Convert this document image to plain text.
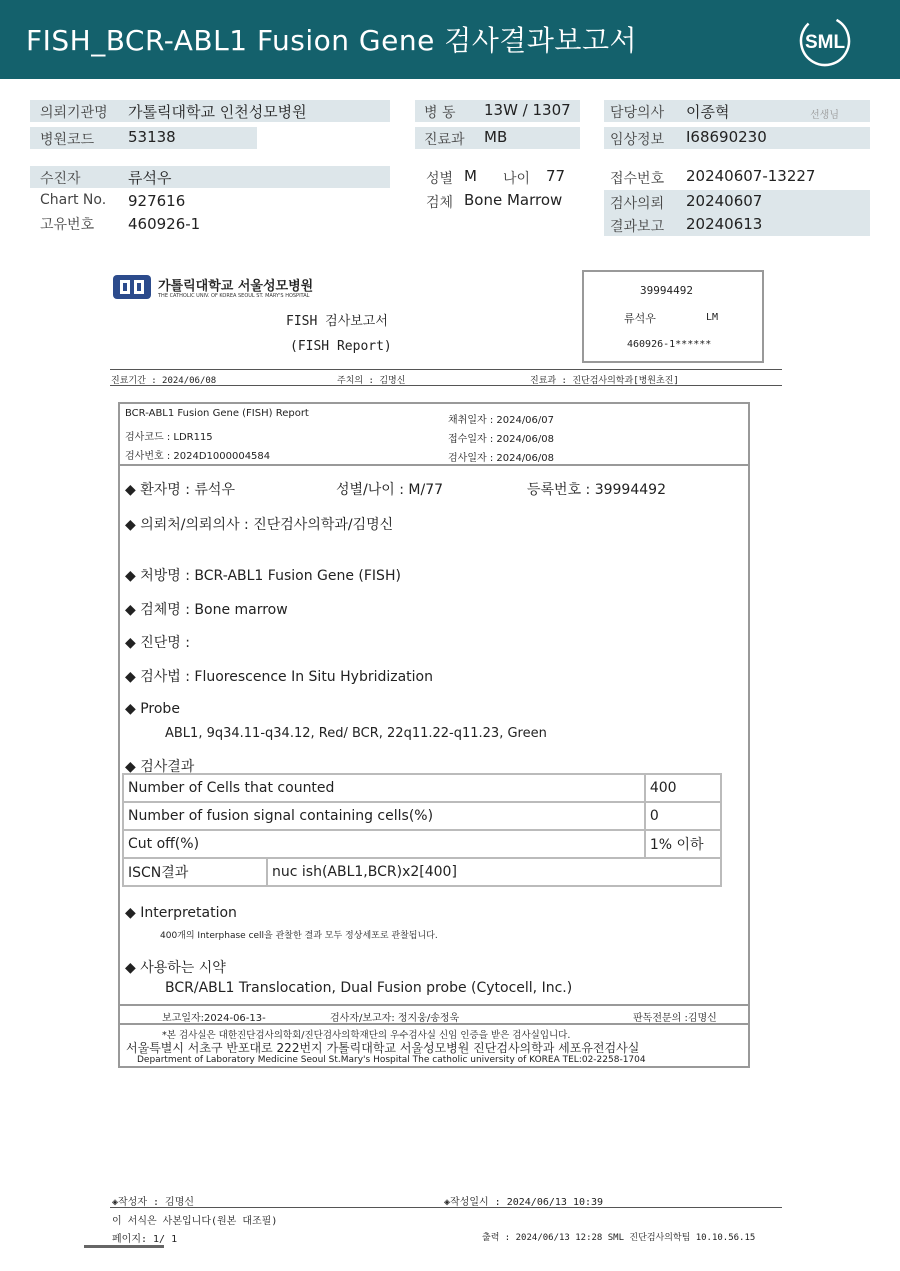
FISH_BCR-ABL1 Fusion Gene 검사결과보고서	SML
의뢰기관명 가톨릭대학교 인천성모병원	병 동 13W / 1307	담당의사 이종혁	선생님
병원코드 53138	진료과 MB	임상정보 I68690230
수진자	류석우	성별 M 나이 77	접수번호 20240607-13227
Chart No. 927616	검체 Bone Marrow	검사의뢰 20240607
고유번호 460926-1	결과보고 20240613
가톨릭대학교 서울성모병원
THE CATHOLIC UNIV. OF KOREA SEOUL ST. MARY'S HOSPITAL
FISH 검사보고서
(FISH Report)
39994492
류석우	LM
460926-1******
진료기간 : 2024/06/08	주치의 : 김명신	진료과 : 진단검사의학과[병원초진]
BCR-ABL1 Fusion Gene (FISH) Report
검사코드 : LDR115
검사번호 : 2024D1000004584
채취일자 : 2024/06/07
접수일자 : 2024/06/08
검사일자 : 2024/06/08
◆ 환자명 : 류석우	성별/나이 : M/77	등록번호 : 39994492
◆ 의뢰처/의뢰의사 : 진단검사의학과/김명신
◆ 처방명 : BCR-ABL1 Fusion Gene (FISH)
◆ 검체명 : Bone marrow
◆ 진단명 :
◆ 검사법 : Fluorescence In Situ Hybridization
◆ Probe
ABL1, 9q34.11-q34.12, Red/ BCR, 22q11.22-q11.23, Green
◆ 검사결과
Number of Cells that counted		400
Number of fusion signal containing cells(%)		0
Cut off(%)		1% 이하
ISCN결과	nuc ish(ABL1,BCR)x2[400]	
◆ Interpretation
400개의 Interphase cell을 관찰한 결과 모두 정상세포로 관찰됩니다.
◆ 사용하는 시약
BCR/ABL1 Translocation, Dual Fusion probe (Cytocell, Inc.)
보고일자:2024-06-13-	검사자/보고자: 정지웅/송정욱	판독전문의 :김명신
*본 검사실은 대한진단검사의학회/진단검사의학재단의 우수검사실 신임 인증을 받은 검사실입니다.
서울특별시 서초구 반포대로 222번지 가톨릭대학교 서울성모병원 진단검사의학과 세포유전검사실
Department of Laboratory Medicine Seoul St.Mary's Hospital The catholic university of KOREA TEL:02-2258-1704
◈작성자 : 김명신	◈작성일시 : 2024/06/13 10:39
이 서식은 사본입니다(원본 대조필)
페이지: 1/ 1	출력 : 2024/06/13 12:28 SML 진단검사의학팀 10.10.56.15
